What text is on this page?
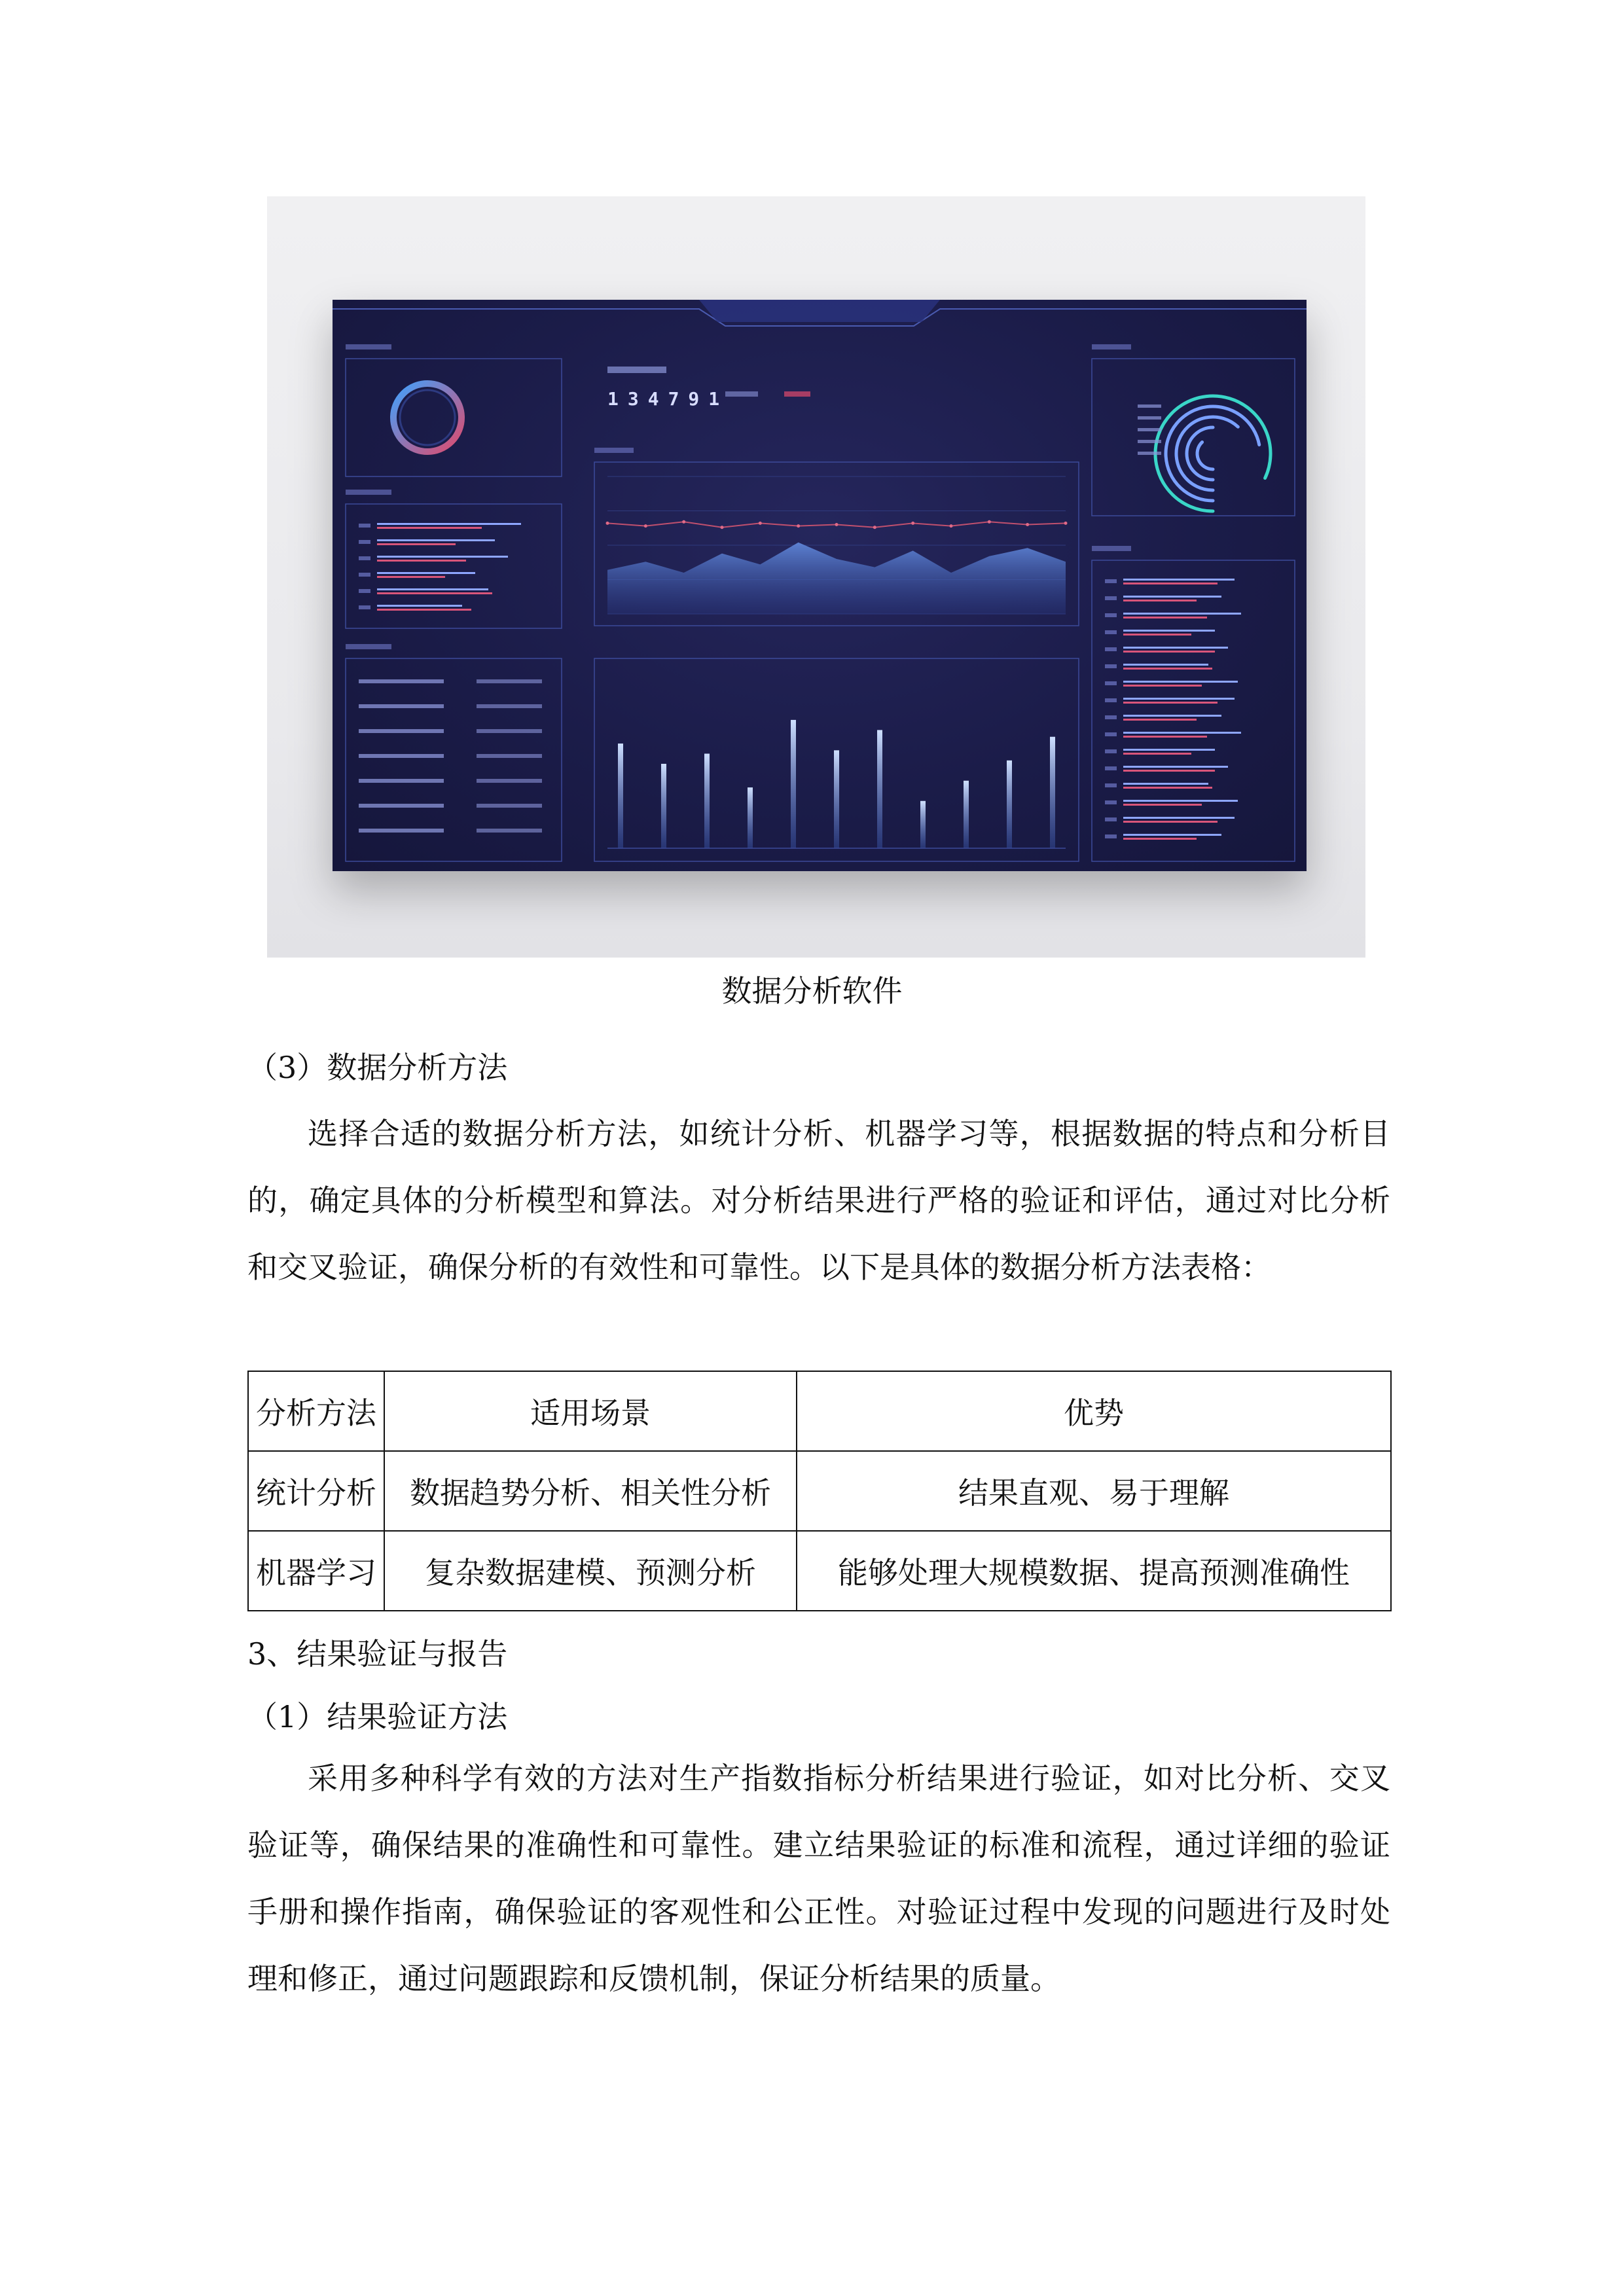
134791
数据分析软件

（3）数据分析方法

选择合适的数据分析方法，如统计分析、机器学习等，根据数据的特点和分析目的，确定具体的分析模型和算法。对分析结果进行严格的验证和评估，通过对比分析和交叉验证，确保分析的有效性和可靠性。以下是具体的数据分析方法表格：

分析方法	适用场景	优势
统计分析	数据趋势分析、相关性分析	结果直观、易于理解
机器学习	复杂数据建模、预测分析	能够处理大规模数据、提高预测准确性

3、结果验证与报告

（1）结果验证方法

采用多种科学有效的方法对生产指数指标分析结果进行验证，如对比分析、交叉验证等，确保结果的准确性和可靠性。建立结果验证的标准和流程，通过详细的验证手册和操作指南，确保验证的客观性和公正性。对验证过程中发现的问题进行及时处理和修正，通过问题跟踪和反馈机制，保证分析结果的质量。
